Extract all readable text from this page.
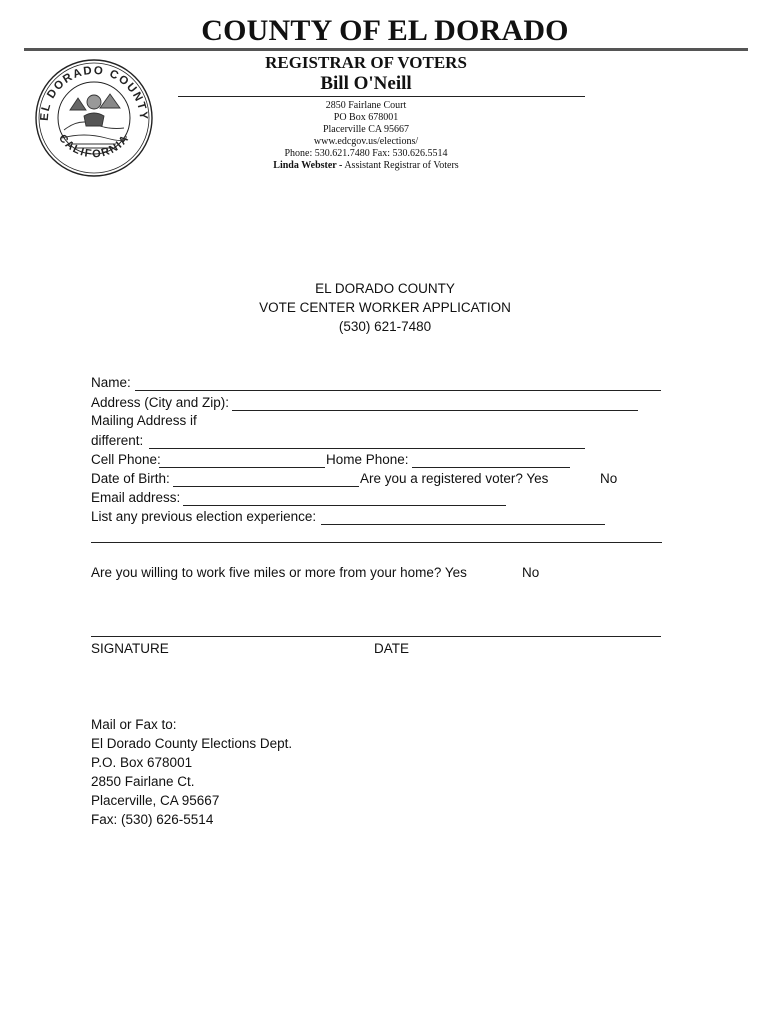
COUNTY OF EL DORADO
REGISTRAR OF VOTERS
Bill O'Neill
2850 Fairlane Court
PO Box 678001
Placerville CA 95667
www.edcgov.us/elections/
Phone: 530.621.7480 Fax: 530.626.5514
Linda Webster - Assistant Registrar of Voters
EL DORADO COUNTY
CALIFORNIA
EL DORADO COUNTY
VOTE CENTER WORKER APPLICATION
(530) 621-7480
Name:
Address (City and Zip):
Mailing Address if
different:
Cell Phone:	Home Phone:
Date of Birth:	Are you a registered voter? Yes	No
Email address:
List any previous election experience:
Are you willing to work five miles or more from your home? Yes	No
SIGNATURE	DATE
Mail or Fax to:
El Dorado County Elections Dept.
P.O. Box 678001
2850 Fairlane Ct.
Placerville, CA 95667
Fax: (530) 626-5514
